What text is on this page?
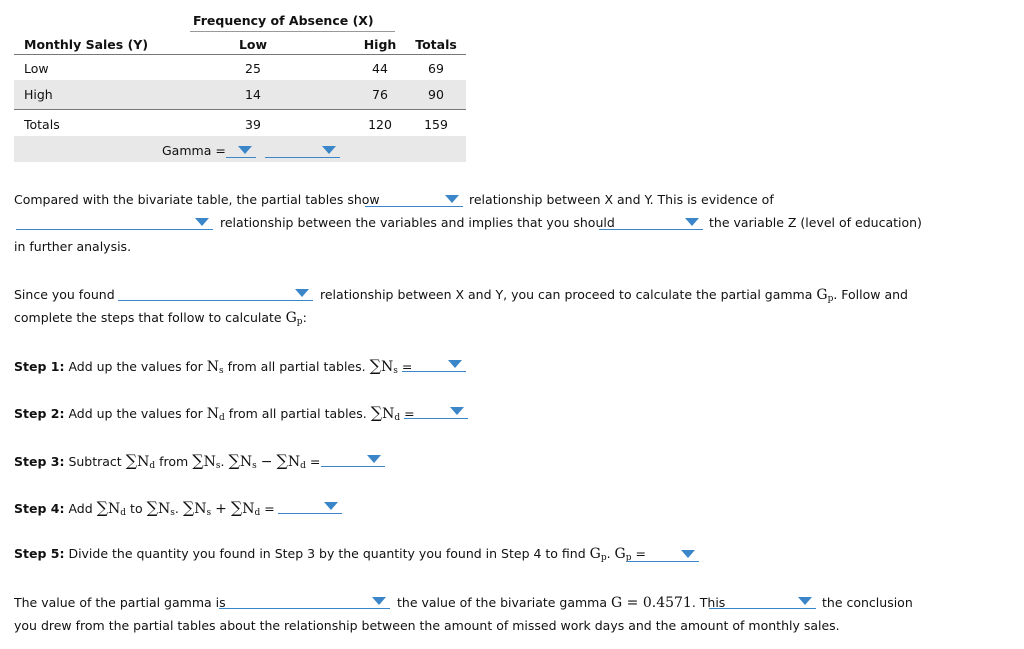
Frequency of Absence (X)
Monthly Sales (Y)	Low	High	Totals
Low	25	44	69
High	14	76	90
Totals	39	120	159
Gamma =
Compared with the bivariate table, the partial tables show	relationship between X and Y. This is evidence of
relationship between the variables and implies that you should	the variable Z (level of education)
in further analysis.
Since you found	relationship between X and Y, you can proceed to calculate the partial gamma $G_p$. Follow and
complete the steps that follow to calculate $G_p$:
Step 1: Add up the values for $N_s$ from all partial tables. $\sum N_s$ =
Step 2: Add up the values for $N_d$ from all partial tables. $\sum N_d$ =
Step 3: Subtract $\sum N_d$ from $\sum N_s$. $\sum N_s - \sum N_d$ =
Step 4: Add $\sum N_d$ to $\sum N_s$. $\sum N_s + \sum N_d$ =
Step 5: Divide the quantity you found in Step 3 by the quantity you found in Step 4 to find $G_p$. $G_p$ =
The value of the partial gamma is	the value of the bivariate gamma G = 0.4571. This	the conclusion
you drew from the partial tables about the relationship between the amount of missed work days and the amount of monthly sales.
